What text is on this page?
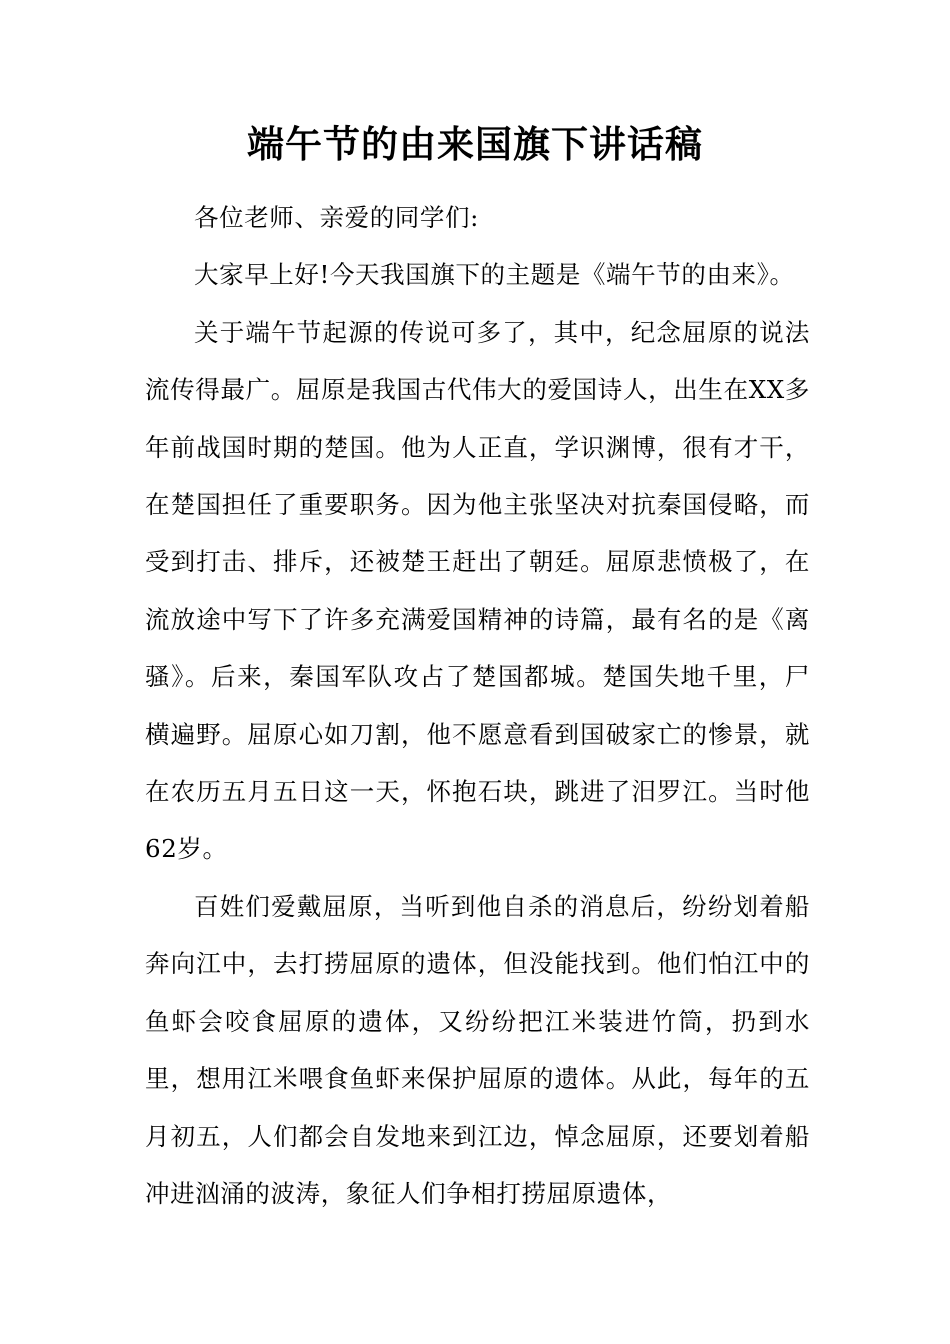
端午节的由来国旗下讲话稿

各位老师、亲爱的同学们:

大家早上好!今天我国旗下的主题是《端午节的由来》。

关于端午节起源的传说可多了，其中，纪念屈原的说法流传得最广。屈原是我国古代伟大的爱国诗人，出生在XX多年前战国时期的楚国。他为人正直，学识渊博，很有才干，在楚国担任了重要职务。因为他主张坚决对抗秦国侵略，而受到打击、排斥，还被楚王赶出了朝廷。屈原悲愤极了，在流放途中写下了许多充满爱国精神的诗篇，最有名的是《离骚》。后来，秦国军队攻占了楚国都城。楚国失地千里，尸横遍野。屈原心如刀割，他不愿意看到国破家亡的惨景，就在农历五月五日这一天，怀抱石块，跳进了汨罗江。当时他62岁。

百姓们爱戴屈原，当听到他自杀的消息后，纷纷划着船奔向江中，去打捞屈原的遗体，但没能找到。他们怕江中的鱼虾会咬食屈原的遗体，又纷纷把江米装进竹筒，扔到水里，想用江米喂食鱼虾来保护屈原的遗体。从此，每年的五月初五，人们都会自发地来到江边，悼念屈原，还要划着船冲进汹涌的波涛，象征人们争相打捞屈原遗体，
